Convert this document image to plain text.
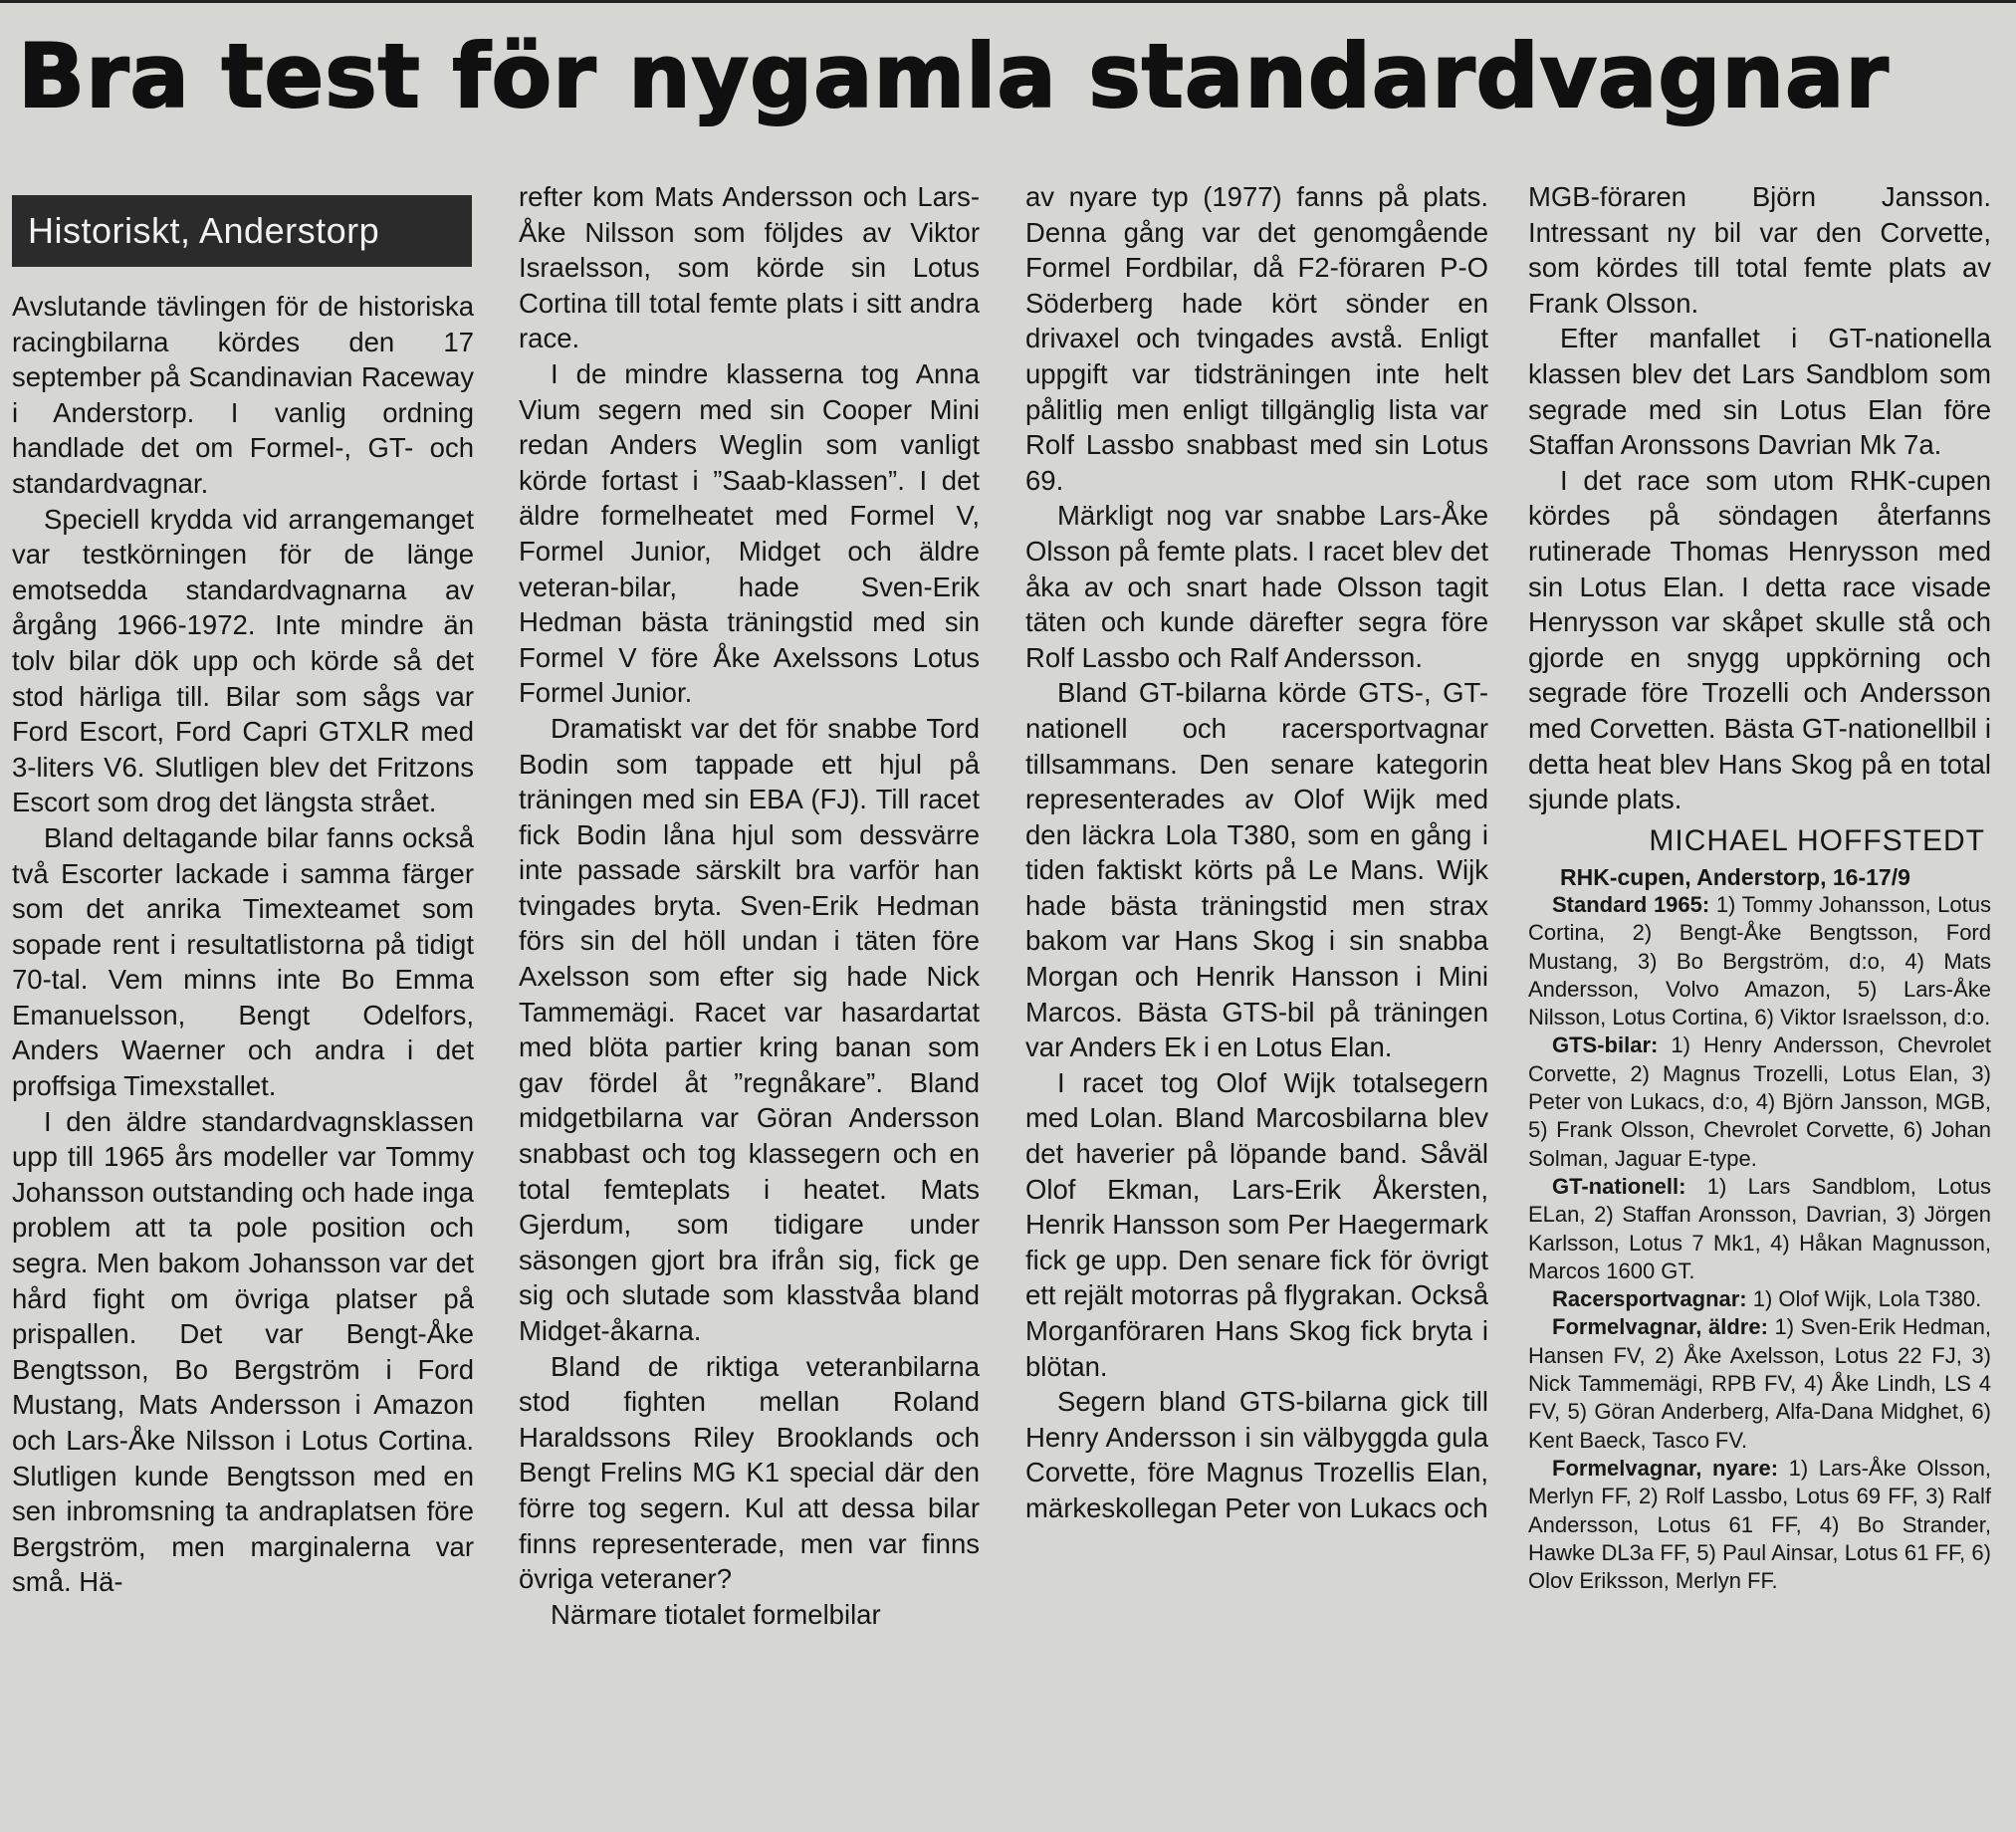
Bra test för nygamla standardvagnar
Historiskt, Anderstorp

Avslutande tävlingen för de historiska racingbilarna kördes den 17 september på Scandinavian Raceway i Anderstorp. I vanlig ordning handlade det om Formel-, GT- och standardvagnar.

Speciell krydda vid arrangemanget var testkörningen för de länge emotsedda standardvagnarna av årgång 1966-1972. Inte mindre än tolv bilar dök upp och körde så det stod härliga till. Bilar som sågs var Ford Escort, Ford Capri GTXLR med 3-liters V6. Slutligen blev det Fritzons Escort som drog det längsta strået.

Bland deltagande bilar fanns också två Escorter lackade i samma färger som det anrika Timexteamet som sopade rent i resultatlistorna på tidigt 70-tal. Vem minns inte Bo Emma Emanuelsson, Bengt Odelfors, Anders Waerner och andra i det proffsiga Timexstallet.

I den äldre standardvagnsklassen upp till 1965 års modeller var Tommy Johansson outstanding och hade inga problem att ta pole position och segra. Men bakom Johansson var det hård fight om övriga platser på prispallen. Det var Bengt-Åke Bengtsson, Bo Bergström i Ford Mustang, Mats Andersson i Amazon och Lars-Åke Nilsson i Lotus Cortina. Slutligen kunde Bengtsson med en sen inbromsning ta andraplatsen före Bergström, men marginalerna var små. Hä-

refter kom Mats Andersson och Lars-Åke Nilsson som följdes av Viktor Israelsson, som körde sin Lotus Cortina till total femte plats i sitt andra race.

I de mindre klasserna tog Anna Vium segern med sin Cooper Mini redan Anders Weglin som vanligt körde fortast i ”Saab-klassen”. I det äldre formelheatet med Formel V, Formel Junior, Midget och äldre veteran-bilar, hade Sven-Erik Hedman bästa träningstid med sin Formel V före Åke Axelssons Lotus Formel Junior.

Dramatiskt var det för snabbe Tord Bodin som tappade ett hjul på träningen med sin EBA (FJ). Till racet fick Bodin låna hjul som dessvärre inte passade särskilt bra varför han tvingades bryta. Sven-Erik Hedman förs sin del höll undan i täten före Axelsson som efter sig hade Nick Tammemägi. Racet var hasardartat med blöta partier kring banan som gav fördel åt ”regnåkare”. Bland midgetbilarna var Göran Andersson snabbast och tog klassegern och en total femteplats i heatet. Mats Gjerdum, som tidigare under säsongen gjort bra ifrån sig, fick ge sig och slutade som klasstvåa bland Midget-åkarna.

Bland de riktiga veteranbilarna stod fighten mellan Roland Haraldssons Riley Brooklands och Bengt Frelins MG K1 special där den förre tog segern. Kul att dessa bilar finns representerade, men var finns övriga veteraner?

Närmare tiotalet formelbilar

av nyare typ (1977) fanns på plats. Denna gång var det genomgående Formel Fordbilar, då F2-föraren P-O Söderberg hade kört sönder en drivaxel och tvingades avstå. Enligt uppgift var tidsträningen inte helt pålitlig men enligt tillgänglig lista var Rolf Lassbo snabbast med sin Lotus 69.

Märkligt nog var snabbe Lars-Åke Olsson på femte plats. I racet blev det åka av och snart hade Olsson tagit täten och kunde därefter segra före Rolf Lassbo och Ralf Andersson.

Bland GT-bilarna körde GTS-, GT-nationell och racersportvagnar tillsammans. Den senare kategorin representerades av Olof Wijk med den läckra Lola T380, som en gång i tiden faktiskt körts på Le Mans. Wijk hade bästa träningstid men strax bakom var Hans Skog i sin snabba Morgan och Henrik Hansson i Mini Marcos. Bästa GTS-bil på träningen var Anders Ek i en Lotus Elan.

I racet tog Olof Wijk totalsegern med Lolan. Bland Marcosbilarna blev det haverier på löpande band. Såväl Olof Ekman, Lars-Erik Åkersten, Henrik Hansson som Per Haegermark fick ge upp. Den senare fick för övrigt ett rejält motorras på flygrakan. Också Morganföraren Hans Skog fick bryta i blötan.

Segern bland GTS-bilarna gick till Henry Andersson i sin välbyggda gula Corvette, före Magnus Trozellis Elan, märkeskollegan Peter von Lukacs och

MGB-föraren Björn Jansson. Intressant ny bil var den Corvette, som kördes till total femte plats av Frank Olsson.

Efter manfallet i GT-nationella klassen blev det Lars Sandblom som segrade med sin Lotus Elan före Staffan Aronssons Davrian Mk 7a.

I det race som utom RHK-cupen kördes på söndagen återfanns rutinerade Thomas Henrysson med sin Lotus Elan. I detta race visade Henrysson var skåpet skulle stå och gjorde en snygg uppkörning och segrade före Trozelli och Andersson med Corvetten. Bästa GT-nationellbil i detta heat blev Hans Skog på en total sjunde plats.

MICHAEL HOFFSTEDT

RHK-cupen, Anderstorp, 16-17/9

Standard 1965: 1) Tommy Johansson, Lotus Cortina, 2) Bengt-Åke Bengtsson, Ford Mustang, 3) Bo Bergström, d:o, 4) Mats Andersson, Volvo Amazon, 5) Lars-Åke Nilsson, Lotus Cortina, 6) Viktor Israelsson, d:o.

GTS-bilar: 1) Henry Andersson, Chevrolet Corvette, 2) Magnus Trozelli, Lotus Elan, 3) Peter von Lukacs, d:o, 4) Björn Jansson, MGB, 5) Frank Olsson, Chevrolet Corvette, 6) Johan Solman, Jaguar E-type.

GT-nationell: 1) Lars Sandblom, Lotus ELan, 2) Staffan Aronsson, Davrian, 3) Jörgen Karlsson, Lotus 7 Mk1, 4) Håkan Magnusson, Marcos 1600 GT.

Racersportvagnar: 1) Olof Wijk, Lola T380.

Formelvagnar, äldre: 1) Sven-Erik Hedman, Hansen FV, 2) Åke Axelsson, Lotus 22 FJ, 3) Nick Tammemägi, RPB FV, 4) Åke Lindh, LS 4 FV, 5) Göran Anderberg, Alfa-Dana Midghet, 6) Kent Baeck, Tasco FV.

Formelvagnar, nyare: 1) Lars-Åke Olsson, Merlyn FF, 2) Rolf Lassbo, Lotus 69 FF, 3) Ralf Andersson, Lotus 61 FF, 4) Bo Strander, Hawke DL3a FF, 5) Paul Ainsar, Lotus 61 FF, 6) Olov Eriksson, Merlyn FF.
